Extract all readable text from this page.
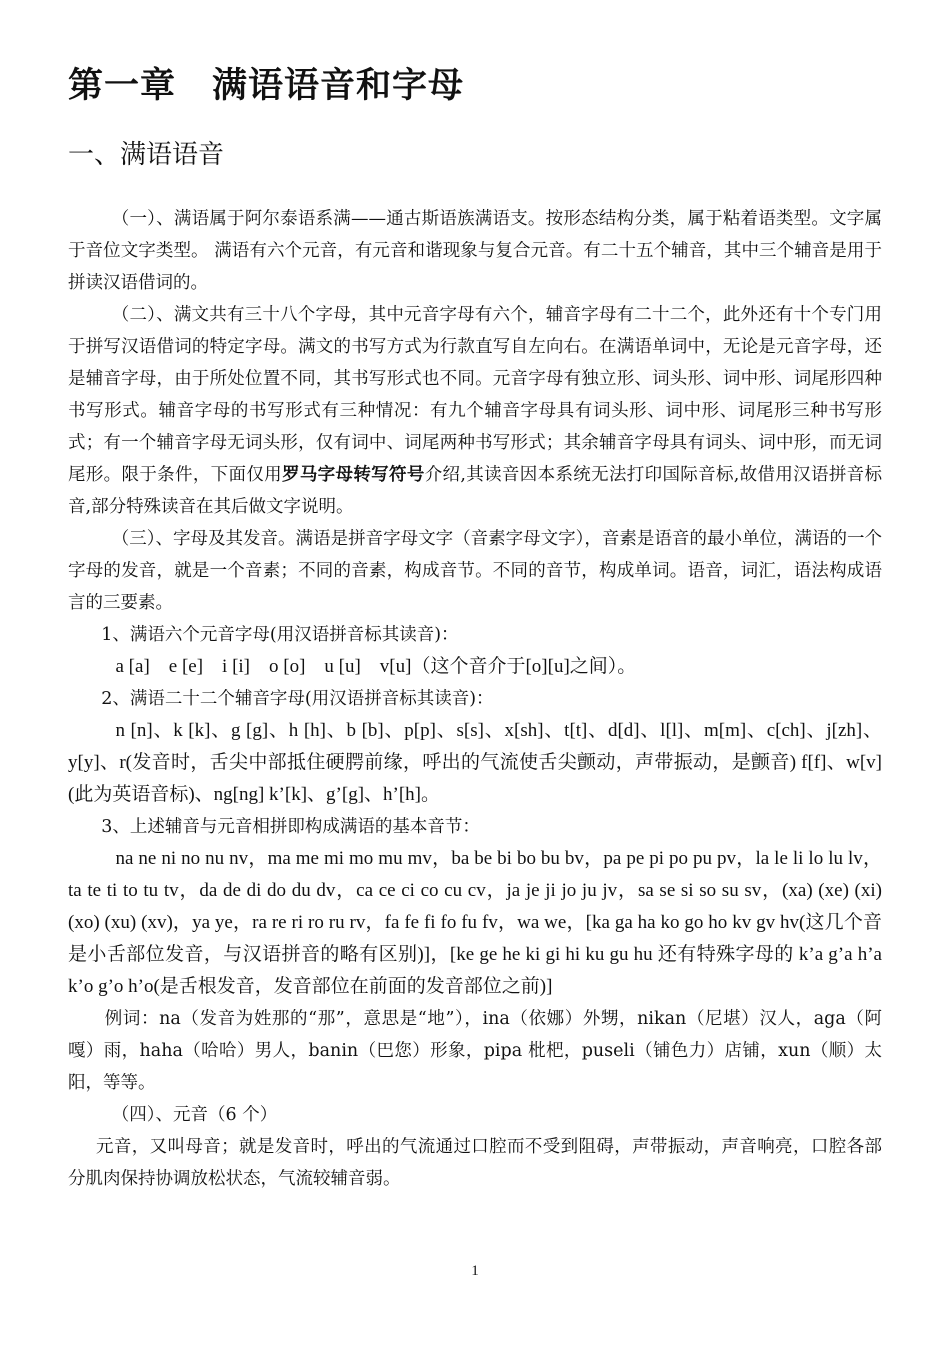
第一章　满语语音和字母
一、满语语音

（一）、满语属于阿尔泰语系满——通古斯语族满语支。按形态结构分类，属于粘着语类型。文字属于音位文字类型。 满语有六个元音，有元音和谐现象与复合元音。有二十五个辅音，其中三个辅音是用于拼读汉语借词的。

（二）、满文共有三十八个字母，其中元音字母有六个，辅音字母有二十二个，此外还有十个专门用于拼写汉语借词的特定字母。满文的书写方式为行款直写自左向右。在满语单词中，无论是元音字母，还是辅音字母，由于所处位置不同，其书写形式也不同。元音字母有独立形、词头形、词中形、词尾形四种书写形式。辅音字母的书写形式有三种情况：有九个辅音字母具有词头形、词中形、词尾形三种书写形式；有一个辅音字母无词头形，仅有词中、词尾两种书写形式；其余辅音字母具有词头、词中形，而无词尾形。限于条件，下面仅用罗马字母转写符号介绍,其读音因本系统无法打印国际音标,故借用汉语拼音标音,部分特殊读音在其后做文字说明。

（三）、字母及其发音。满语是拼音字母文字（音素字母文字），音素是语音的最小单位，满语的一个字母的发音，就是一个音素；不同的音素，构成音节。不同的音节，构成单词。语音，词汇，语法构成语言的三要素。

1、满语六个元音字母(用汉语拼音标其读音)：

a [a]    e [e]    i [i]    o [o]    u [u]    v[u]（这个音介于[o][u]之间）。

2、满语二十二个辅音字母(用汉语拼音标其读音)：

n [n]、k [k]、g [g]、h [h]、b [b]、p[p]、s[s]、x[sh]、t[t]、d[d]、l[l]、m[m]、c[ch]、j[zh]、y[y]、r(发音时，舌尖中部抵住硬腭前缘，呼出的气流使舌尖颤动，声带振动，是颤音) f[f]、w[v](此为英语音标)、ng[ng] k’[k]、g’[g]、h’[h]。

3、上述辅音与元音相拼即构成满语的基本音节：

na ne ni no nu nv，ma me mi mo mu mv，ba be bi bo bu bv，pa pe pi po pu pv，la le li lo lu lv，ta te ti to tu tv，da de di do du dv，ca ce ci co cu cv，ja je ji jo ju jv，sa se si so su sv，(xa) (xe) (xi) (xo) (xu) (xv)，ya ye，ra re ri ro ru rv，fa fe fi fo fu fv，wa we，[ka ga ha ko go ho kv gv hv(这几个音是小舌部位发音，与汉语拼音的略有区别)]，[ke ge he ki gi hi ku gu hu 还有特殊字母的 k’a g’a h’a k’o g’o h’o(是舌根发音，发音部位在前面的发音部位之前)]

例词：na（发音为姓那的“那”，意思是“地”），ina（依娜）外甥，nikan（尼堪）汉人，aga（阿嘎）雨，haha（哈哈）男人，banin（巴您）形象，pipa 枇杷，puseli（铺色力）店铺，xun（顺）太阳，等等。

（四）、元音（6 个）

元音，又叫母音；就是发音时，呼出的气流通过口腔而不受到阻碍，声带振动，声音响亮，口腔各部分肌肉保持协调放松状态，气流较辅音弱。

1
